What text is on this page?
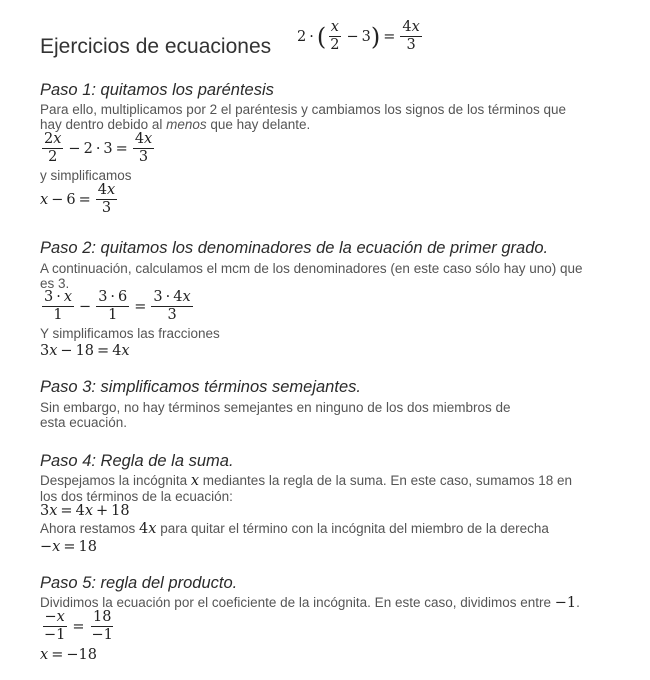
Ejercicios de ecuaciones 2 · ( $\frac{x}{2} - 3$ ) = $\frac{4x}{3}$
Paso 1: quitamos los paréntesis
Para ello, multiplicamos por 2 el paréntesis y cambiamos los signos de los términos que
hay dentro debido al menos que hay delante.
$\frac{2x}{2} - 2 \cdot 3 = \frac{4x}{3}$
y simplificamos
$x - 6 = \frac{4x}{3}$
Paso 2: quitamos los denominadores de la ecuación de primer grado.
A continuación, calculamos el mcm de los denominadores (en este caso sólo hay uno) que
es 3.
$\frac{3 \cdot x}{1} - \frac{3 \cdot 6}{1} = \frac{3 \cdot 4x}{3}$
Y simplificamos las fracciones
3x − 18 = 4x
Paso 3: simplificamos términos semejantes.
Sin embargo, no hay términos semejantes en ninguno de los dos miembros de
esta ecuación.
Paso 4: Regla de la suma.
Despejamos la incógnita x mediantes la regla de la suma. En este caso, sumamos 18 en
los dos términos de la ecuación:
3x = 4x + 18
Ahora restamos 4x para quitar el término con la incógnita del miembro de la derecha
−x = 18
Paso 5: regla del producto.
Dividimos la ecuación por el coeficiente de la incógnita. En este caso, dividimos entre −1.
$\frac{-x}{-1} = \frac{18}{-1}$
x = −18
